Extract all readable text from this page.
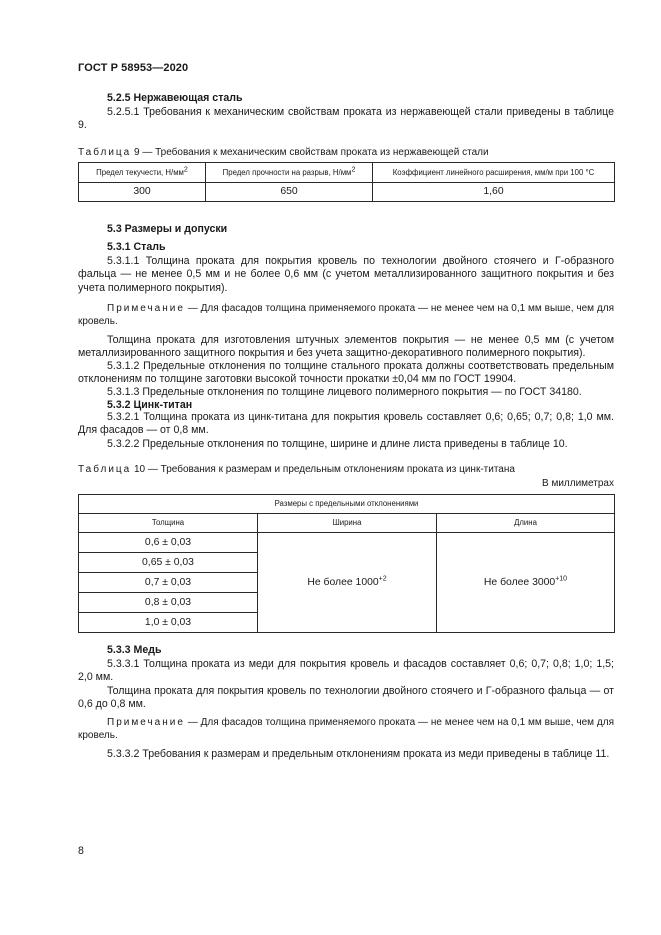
ГОСТ Р 58953—2020
5.2.5 Нержавеющая сталь
5.2.5.1 Требования к механическим свойствам проката из нержавеющей стали приведены в таблице 9.
Таблица 9 — Требования к механическим свойствам проката из нержавеющей стали
Предел текучести, $Н/мм^2$	Предел прочности на разрыв, $Н/мм^2$	Коэффициент линейного расширения, мм/м при 100 °С
300	650	1,60
5.3 Размеры и допуски
5.3.1 Сталь
5.3.1.1 Толщина проката для покрытия кровель по технологии двойного стоячего и Г-образного фальца — не менее 0,5 мм и не более 0,6 мм (с учетом металлизированного защитного покрытия и без учета полимерного покрытия).
Примечание — Для фасадов толщина применяемого проката — не менее чем на 0,1 мм выше, чем для кровель.
Толщина проката для изготовления штучных элементов покрытия — не менее 0,5 мм (с учетом металлизированного защитного покрытия и без учета защитно-декоративного полимерного покрытия).
5.3.1.2 Предельные отклонения по толщине стального проката должны соответствовать предельным отклонениям по толщине заготовки высокой точности прокатки ±0,04 мм по ГОСТ 19904.
5.3.1.3 Предельные отклонения по толщине лицевого полимерного покрытия — по ГОСТ 34180.
5.3.2 Цинк-титан
5.3.2.1 Толщина проката из цинк-титана для покрытия кровель составляет 0,6; 0,65; 0,7; 0,8; 1,0 мм. Для фасадов — от 0,8 мм.
5.3.2.2 Предельные отклонения по толщине, ширине и длине листа приведены в таблице 10.
Таблица 10 — Требования к размерам и предельным отклонениям проката из цинк-титана
В миллиметрах
Размеры с предельными отклонениями		
Толщина	Ширина	Длина
0,6 ± 0,03	Не более $1000^{+2}$	Не более $3000^{+10}$
0,65 ± 0,03		
0,7 ± 0,03		
0,8 ± 0,03		
1,0 ± 0,03		
5.3.3 Медь
5.3.3.1 Толщина проката из меди для покрытия кровель и фасадов составляет 0,6; 0,7; 0,8; 1,0; 1,5; 2,0 мм.
Толщина проката для покрытия кровель по технологии двойного стоячего и Г-образного фальца — от 0,6 до 0,8 мм.
Примечание — Для фасадов толщина применяемого проката — не менее чем на 0,1 мм выше, чем для кровель.
5.3.3.2 Требования к размерам и предельным отклонениям проката из меди приведены в таблице 11.
8
